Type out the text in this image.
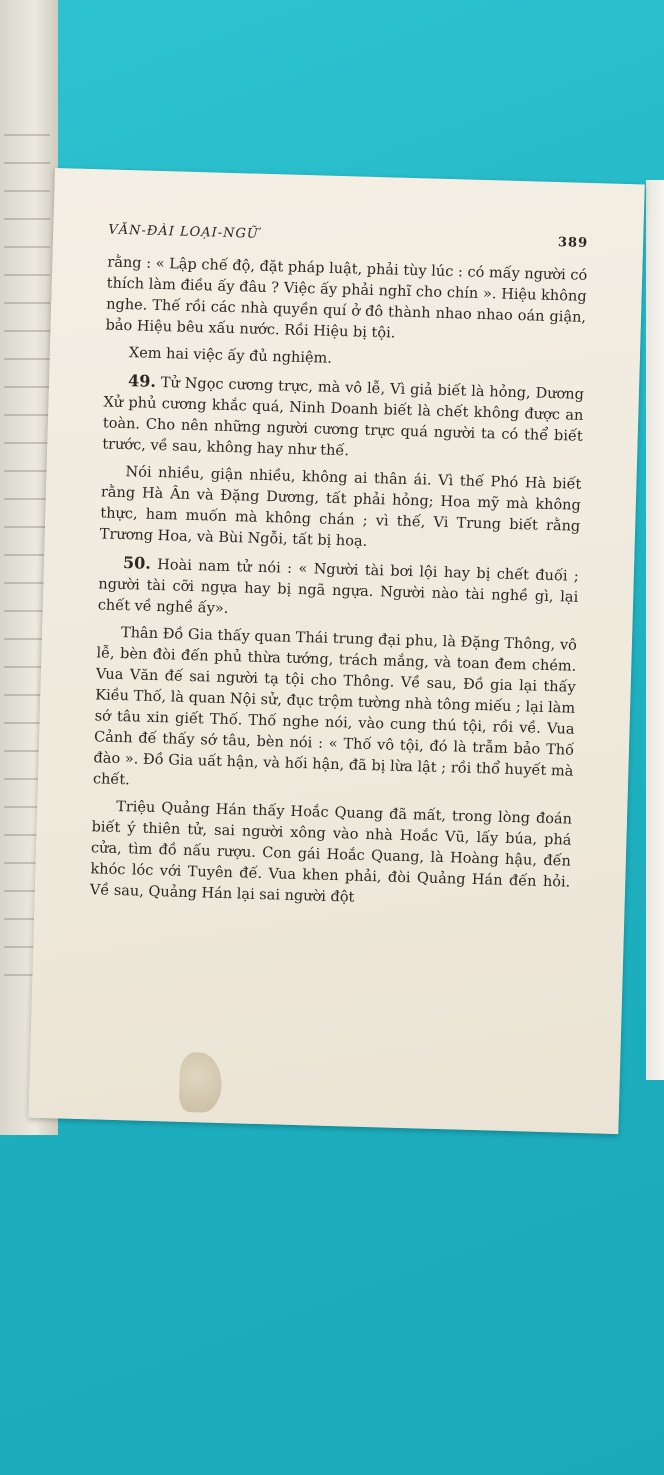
VĂN-ĐÀI LOẠI-NGỮ
389

rằng : « Lập chế độ, đặt pháp luật, phải tùy lúc : có mấy người có thích làm điều ấy đâu ? Việc ấy phải nghĩ cho chín ». Hiệu không nghe. Thế rồi các nhà quyền quí ở đô thành nhao nhao oán giận, bảo Hiệu bêu xấu nước. Rồi Hiệu bị tội.

Xem hai việc ấy đủ nghiệm.

49. Tử Ngọc cương trực, mà vô lễ, Vì giả biết là hỏng, Dương Xử phủ cương khắc quá, Ninh Doanh biết là chết không được an toàn. Cho nên những người cương trực quá người ta có thể biết trước, về sau, không hay như thế.

Nói nhiều, giận nhiều, không ai thân ái. Vì thế Phó Hà biết rằng Hà Ân và Đặng Dương, tất phải hỏng; Hoa mỹ mà không thực, ham muốn mà không chán ; vì thế, Vi Trung biết rằng Trương Hoa, và Bùi Ngỗi, tất bị hoạ.

50. Hoài nam tử nói : « Người tài bơi lội hay bị chết đuối ; người tài cỡi ngựa hay bị ngã ngựa. Người nào tài nghề gì, lại chết về nghề ấy».

Thân Đồ Gia thấy quan Thái trung đại phu, là Đặng Thông, vô lễ, bèn đòi đến phủ thừa tướng, trách mắng, và toan đem chém. Vua Văn đế sai người tạ tội cho Thông. Về sau, Đồ gia lại thấy Kiều Thố, là quan Nội sử, đục trộm tường nhà tông miếu ; lại làm sớ tâu xin giết Thố. Thố nghe nói, vào cung thú tội, rồi về. Vua Cảnh đế thấy sớ tâu, bèn nói : « Thố vô tội, đó là trẫm bảo Thố đào ». Đồ Gia uất hận, và hối hận, đã bị lừa lật ; rồi thổ huyết mà chết.

Triệu Quảng Hán thấy Hoắc Quang đã mất, trong lòng đoán biết ý thiên tử, sai người xông vào nhà Hoắc Vũ, lấy búa, phá cửa, tìm đồ nấu rượu. Con gái Hoắc Quang, là Hoàng hậu, đến khóc lóc với Tuyên đế. Vua khen phải, đòi Quảng Hán đến hỏi. Về sau, Quảng Hán lại sai người đột
